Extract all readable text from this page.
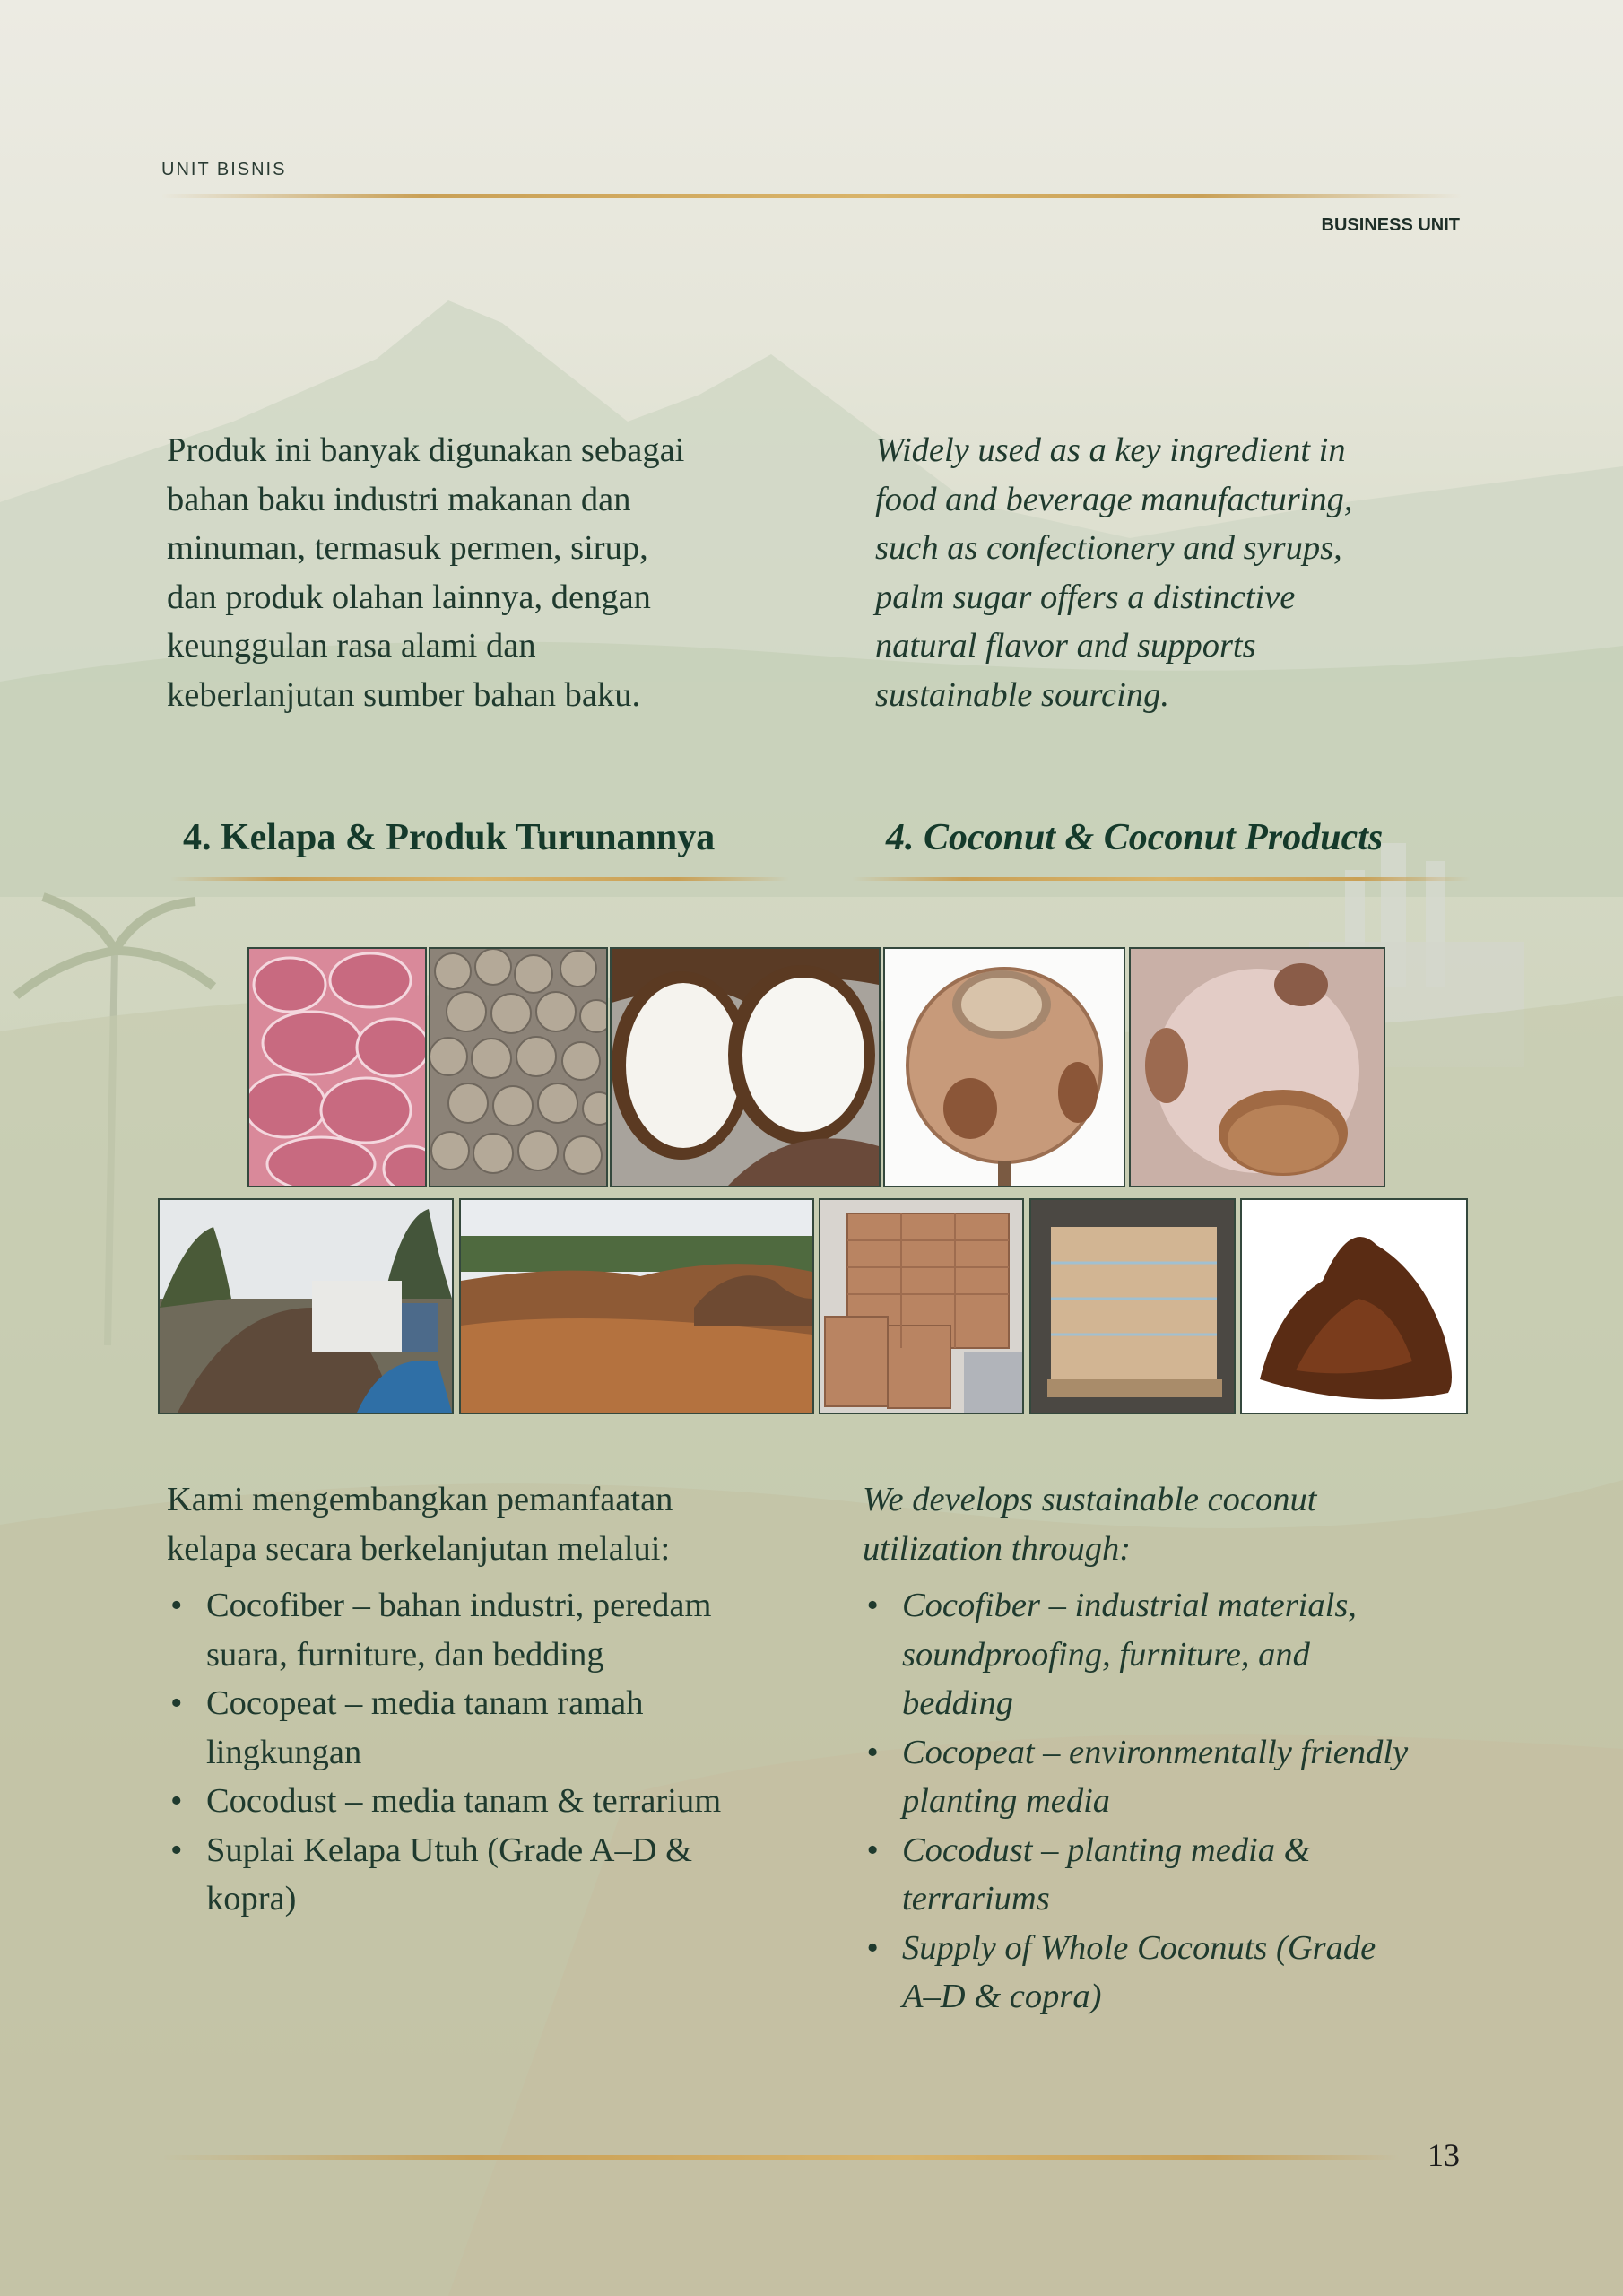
UNIT BISNIS
BUSINESS UNIT
Produk ini banyak digunakan sebagai
bahan baku industri makanan dan
minuman, termasuk permen, sirup,
dan produk olahan lainnya, dengan
keunggulan rasa alami dan
keberlanjutan sumber bahan baku.
Widely used as a key ingredient in
food and beverage manufacturing,
such as confectionery and syrups,
palm sugar offers a distinctive
natural flavor and supports
sustainable sourcing.
4. Kelapa & Produk Turunannya	4. Coconut & Coconut Products
Kami mengembangkan pemanfaatan
kelapa secara berkelanjutan melalui:
We develops sustainable coconut
utilization through:
• Cocofiber – bahan industri, peredam
suara, furniture, dan bedding
• Cocopeat – media tanam ramah
lingkungan
• Cocodust – media tanam & terrarium
• Suplai Kelapa Utuh (Grade A–D &
kopra)
• Cocofiber – industrial materials,
soundproofing, furniture, and
bedding
• Cocopeat – environmentally friendly
planting media
• Cocodust – planting media &
terrariums
• Supply of Whole Coconuts (Grade
A–D & copra)
13
